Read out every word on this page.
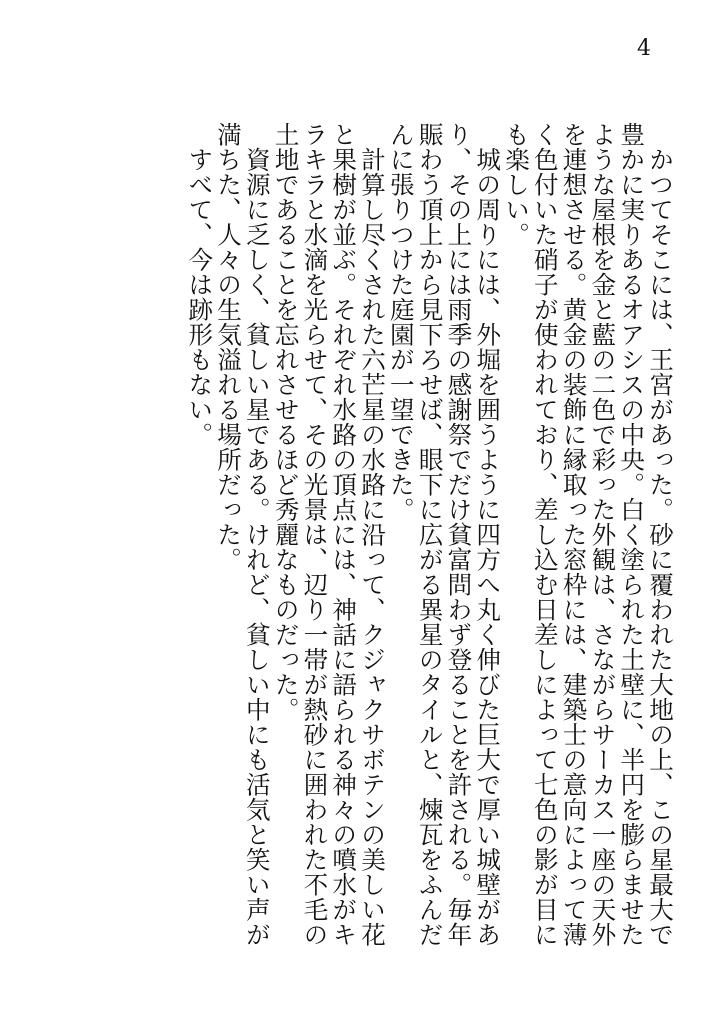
4

かつてそこには、王宮があった。砂に覆われた大地の上、この星最大で豊かに実りあるオアシスの中央。白く塗られた土壁に、半円を膨らませたような屋根を金と藍の二色で彩った外観は、さながらサーカス一座の天外を連想させる。黄金の装飾に縁取った窓枠には、建築士の意向によって薄く色付いた硝子が使われており、差し込む日差しによって七色の影が目にも楽しい。

城の周りには、外堀を囲うように四方へ丸く伸びた巨大で厚い城壁があり、その上には雨季の感謝祭でだけ貧富問わず登ることを許される。毎年賑わう頂上から見下ろせば、眼下に広がる異星のタイルと、煉瓦をふんだんに張りつけた庭園が一望できた。

計算し尽くされた六芒星の水路に沿って、クジャクサボテンの美しい花と果樹が並ぶ。それぞれ水路の頂点には、神話に語られる神々の噴水がキラキラと水滴を光らせて、その光景は、辺り一帯が熱砂に囲われた不毛の土地であることを忘れさせるほど秀麗なものだった。

資源に乏しく、貧しい星である。けれど、貧しい中にも活気と笑い声が満ちた、人々の生気溢れる場所だった。

すべて、今は跡形もない。
